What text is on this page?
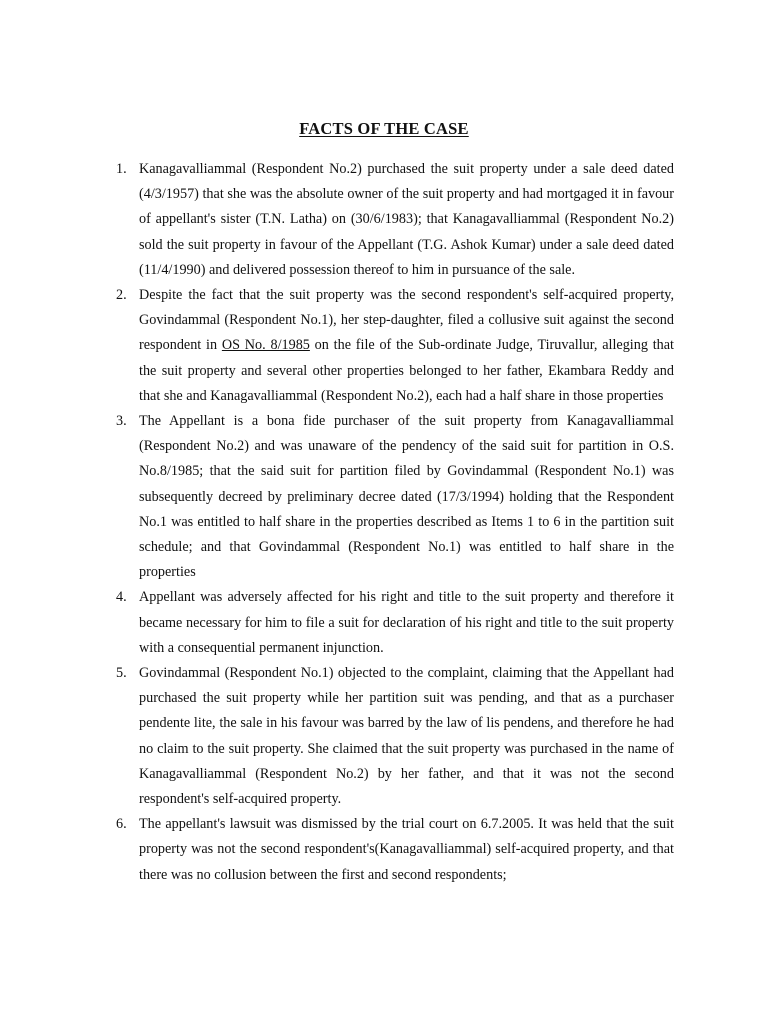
FACTS OF THE CASE
1. Kanagavalliammal (Respondent No.2) purchased the suit property under a sale deed dated (4/3/1957) that she was the absolute owner of the suit property and had mortgaged it in favour of appellant's sister (T.N. Latha) on (30/6/1983); that Kanagavalliammal (Respondent No.2) sold the suit property in favour of the Appellant (T.G. Ashok Kumar) under a sale deed dated (11/4/1990) and delivered possession thereof to him in pursuance of the sale.
2. Despite the fact that the suit property was the second respondent's self-acquired property, Govindammal (Respondent No.1), her step-daughter, filed a collusive suit against the second respondent in OS No. 8/1985 on the file of the Sub-ordinate Judge, Tiruvallur, alleging that the suit property and several other properties belonged to her father, Ekambara Reddy and that she and Kanagavalliammal (Respondent No.2), each had a half share in those properties
3. The Appellant is a bona fide purchaser of the suit property from Kanagavalliammal (Respondent No.2) and was unaware of the pendency of the said suit for partition in O.S. No.8/1985; that the said suit for partition filed by Govindammal (Respondent No.1) was subsequently decreed by preliminary decree dated (17/3/1994) holding that the Respondent No.1 was entitled to half share in the properties described as Items 1 to 6 in the partition suit schedule; and that Govindammal (Respondent No.1) was entitled to half share in the properties
4. Appellant was adversely affected for his right and title to the suit property and therefore it became necessary for him to file a suit for declaration of his right and title to the suit property with a consequential permanent injunction.
5. Govindammal (Respondent No.1) objected to the complaint, claiming that the Appellant had purchased the suit property while her partition suit was pending, and that as a purchaser pendente lite, the sale in his favour was barred by the law of lis pendens, and therefore he had no claim to the suit property. She claimed that the suit property was purchased in the name of Kanagavalliammal (Respondent No.2) by her father, and that it was not the second respondent's self-acquired property.
6. The appellant's lawsuit was dismissed by the trial court on 6.7.2005. It was held that the suit property was not the second respondent's(Kanagavalliammal) self-acquired property, and that there was no collusion between the first and second respondents;
